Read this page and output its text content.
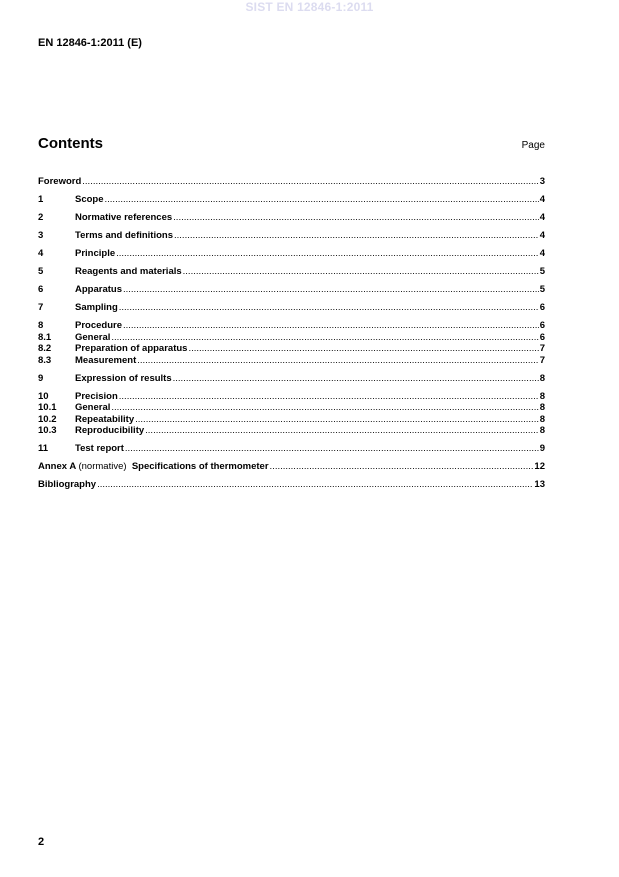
SIST EN 12846-1:2011
EN 12846-1:2011 (E)
Contents	Page
Foreword .....	3
1	Scope .....	4
2	Normative references .....	4
3	Terms and definitions .....	4
4	Principle .....	4
5	Reagents and materials .....	5
6	Apparatus .....	5
7	Sampling .....	6
8	Procedure .....	6
8.1	General .....	6
8.2	Preparation of apparatus .....	7
8.3	Measurement .....	7
9	Expression of results .....	8
10	Precision .....	8
10.1	General .....	8
10.2	Repeatability .....	8
10.3	Reproducibility .....	8
11	Test report .....	9
Annex A (normative) Specifications of thermometer .....	12
Bibliography .....	13
2
